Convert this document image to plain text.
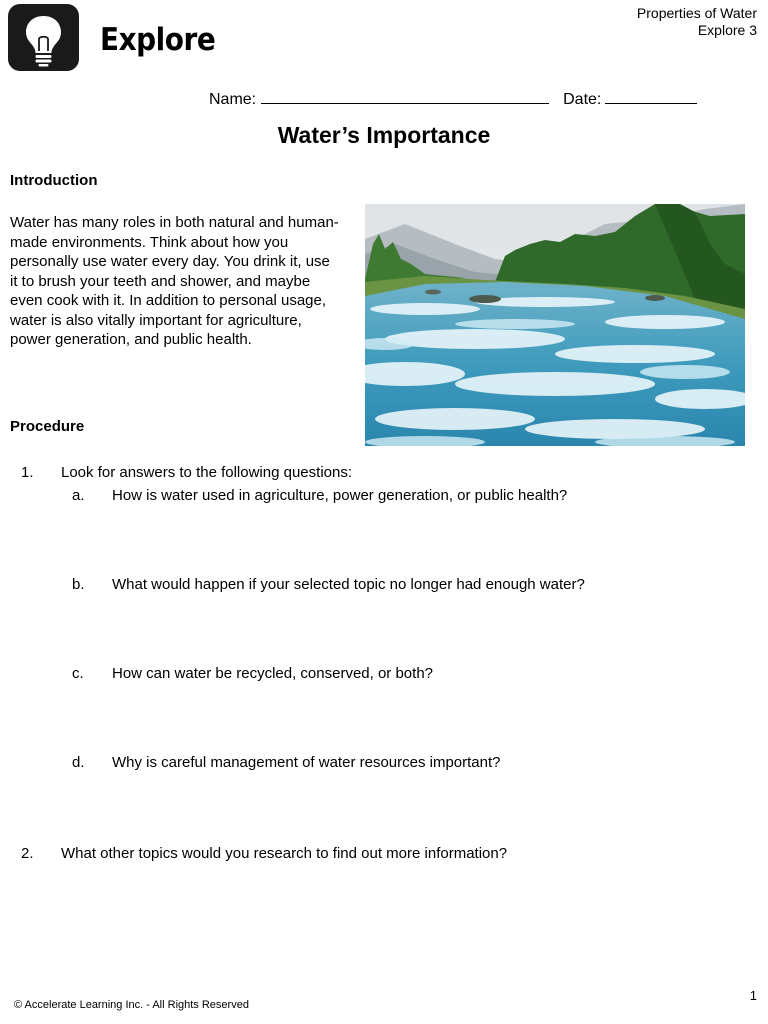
Explore
Properties of Water
Explore 3
Name:	Date:
Water’s Importance
Introduction
Water has many roles in both natural and human-made environments. Think about how you personally use water every day. You drink it, use it to brush your teeth and shower, and maybe even cook with it. In addition to personal usage, water is also vitally important for agriculture, power generation, and public health.
Procedure
1. Look for answers to the following questions:
a. How is water used in agriculture, power generation, or public health?
b. What would happen if your selected topic no longer had enough water?
c. How can water be recycled, conserved, or both?
d. Why is careful management of water resources important?
2. What other topics would you research to find out more information?
© Accelerate Learning Inc. - All Rights Reserved
1
